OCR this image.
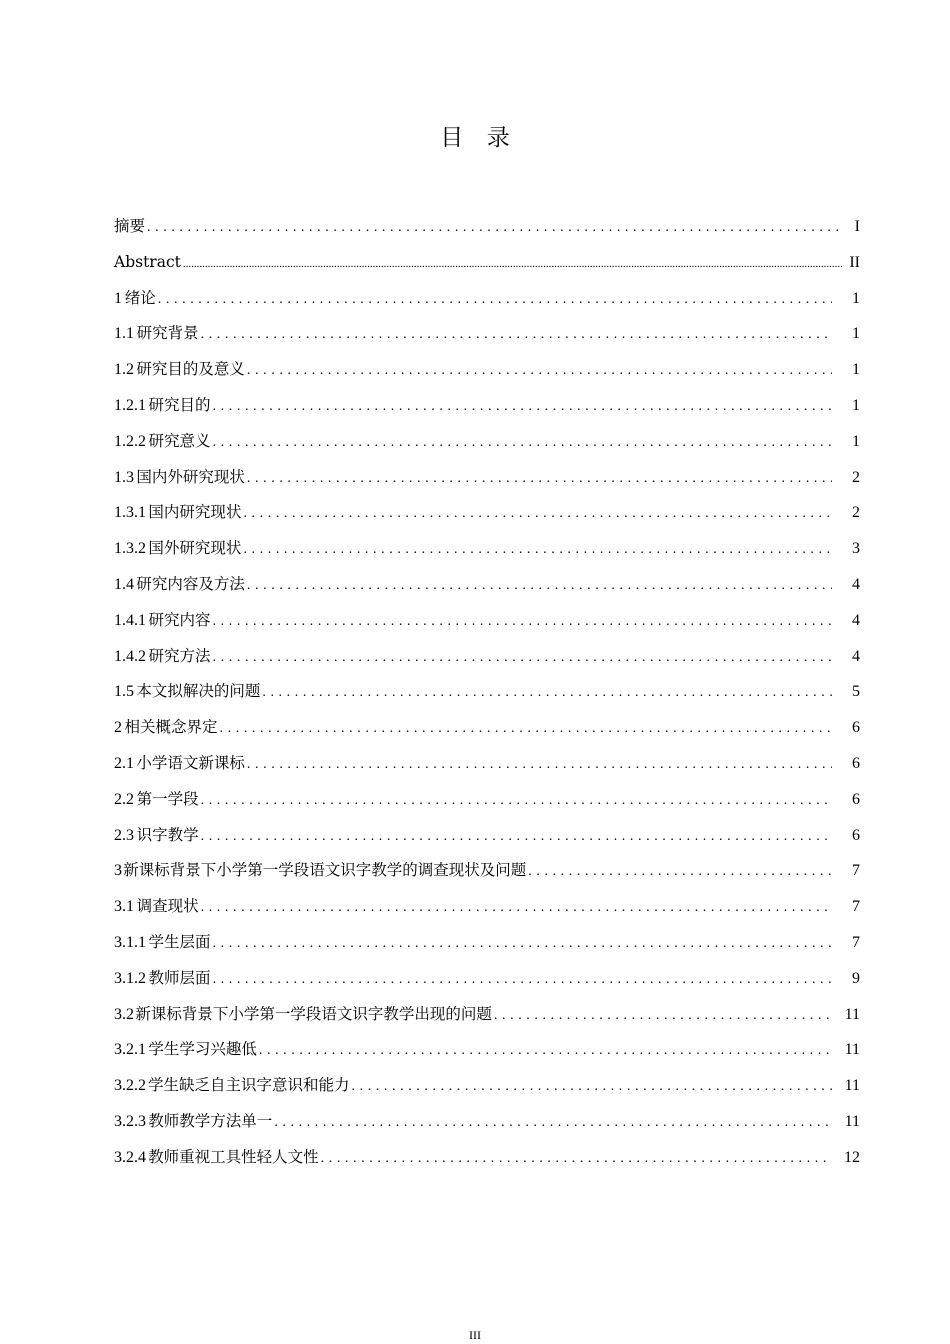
目 录
摘要 .....	I
Abstract .....	II
1 绪论 .....	1
1.1 研究背景 .....	1
1.2 研究目的及意义 .....	1
1.2.1 研究目的 .....	1
1.2.2 研究意义 .....	1
1.3 国内外研究现状 .....	2
1.3.1 国内研究现状 .....	2
1.3.2 国外研究现状 .....	3
1.4 研究内容及方法 .....	4
1.4.1 研究内容 .....	4
1.4.2 研究方法 .....	4
1.5 本文拟解决的问题 .....	5
2 相关概念界定 .....	6
2.1 小学语文新课标 .....	6
2.2 第一学段 .....	6
2.3 识字教学 .....	6
3 新课标背景下小学第一学段语文识字教学的调查现状及问题 .....	7
3.1 调查现状 .....	7
3.1.1 学生层面 .....	7
3.1.2 教师层面 .....	9
3.2 新课标背景下小学第一学段语文识字教学出现的问题 .....	11
3.2.1 学生学习兴趣低 .....	11
3.2.2 学生缺乏自主识字意识和能力 .....	11
3.2.3 教师教学方法单一 .....	11
3.2.4 教师重视工具性轻人文性 .....	12
III
